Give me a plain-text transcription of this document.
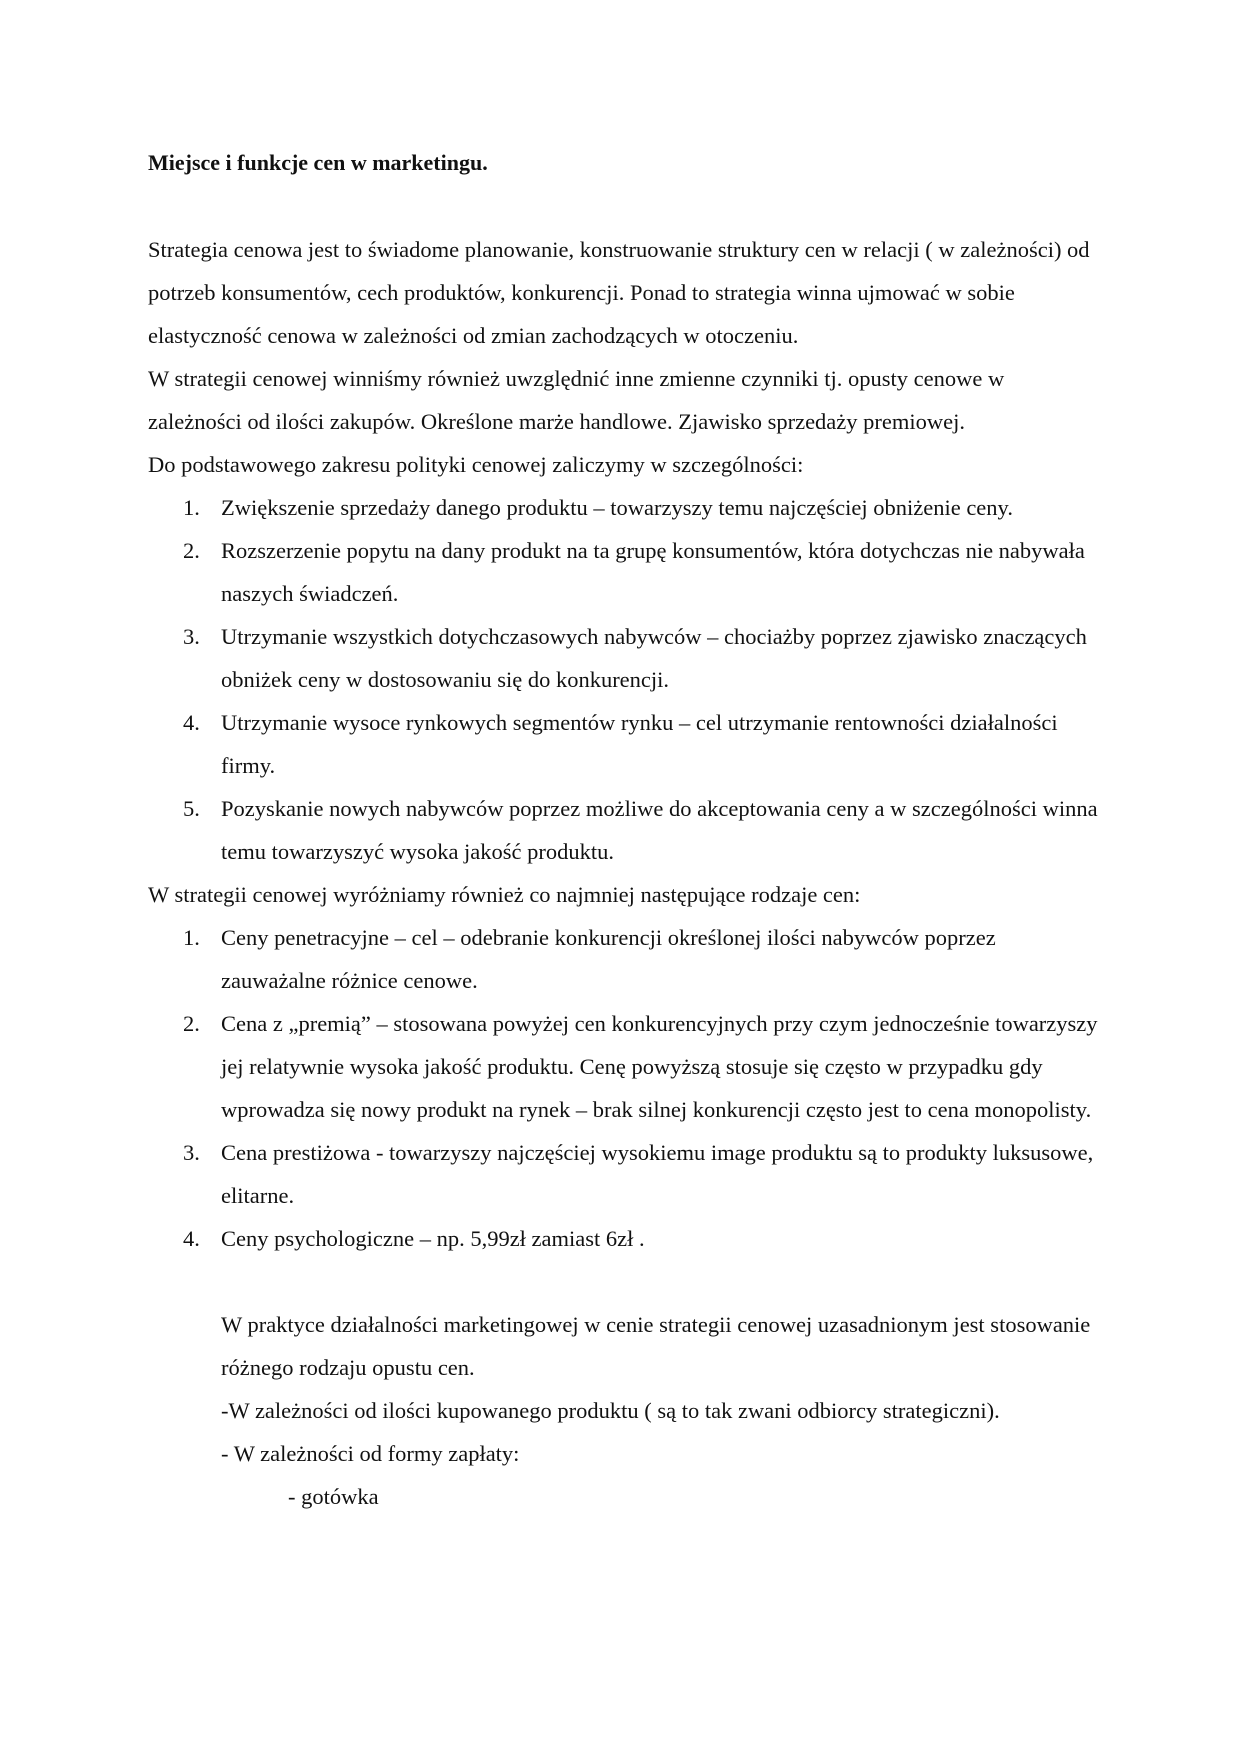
Miejsce i funkcje cen w marketingu.

Strategia cenowa jest to świadome planowanie, konstruowanie struktury cen w relacji ( w zależności) od potrzeb konsumentów, cech produktów, konkurencji. Ponad to strategia winna ujmować w sobie elastyczność cenowa w zależności od zmian zachodzących w otoczeniu.

W strategii cenowej winniśmy również uwzględnić inne zmienne czynniki tj. opusty cenowe w zależności od ilości zakupów. Określone marże handlowe. Zjawisko sprzedaży premiowej.

Do podstawowego zakresu polityki cenowej zaliczymy w szczególności:

1. Zwiększenie sprzedaży danego produktu – towarzyszy temu najczęściej obniżenie ceny.
2. Rozszerzenie popytu na dany produkt na ta grupę konsumentów, która dotychczas nie nabywała naszych świadczeń.
3. Utrzymanie wszystkich dotychczasowych nabywców – chociażby poprzez zjawisko znaczących obniżek ceny w dostosowaniu się do konkurencji.
4. Utrzymanie wysoce rynkowych segmentów rynku – cel utrzymanie rentowności działalności firmy.
5. Pozyskanie nowych nabywców poprzez możliwe do akceptowania ceny a w szczególności winna temu towarzyszyć wysoka jakość produktu.

W strategii cenowej wyróżniamy również co najmniej następujące rodzaje cen:

1. Ceny penetracyjne – cel – odebranie konkurencji określonej ilości nabywców poprzez zauważalne różnice cenowe.
2. Cena z „premią” – stosowana powyżej cen konkurencyjnych przy czym jednocześnie towarzyszy jej relatywnie wysoka jakość produktu. Cenę powyższą stosuje się często w przypadku gdy wprowadza się nowy produkt na rynek – brak silnej konkurencji często jest to cena monopolisty.
3. Cena prestiżowa - towarzyszy najczęściej wysokiemu image produktu są to produkty luksusowe, elitarne.
4. Ceny psychologiczne – np. 5,99zł zamiast 6zł .

W praktyce działalności marketingowej w cenie strategii cenowej uzasadnionym jest stosowanie różnego rodzaju opustu cen.

-W zależności od ilości kupowanego produktu ( są to tak zwani odbiorcy strategiczni).

- W zależności od formy zapłaty:

- gotówka
